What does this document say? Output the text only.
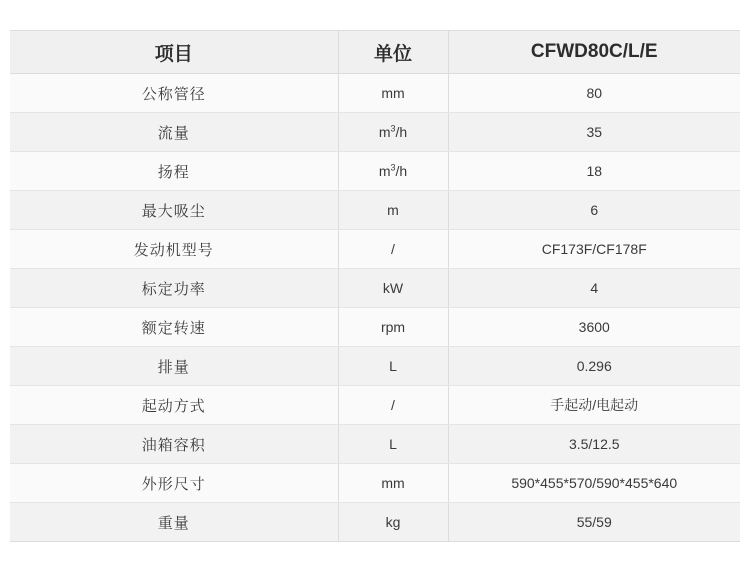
项目	单位	CFWD80C/L/E
公称管径	mm	80
流量	$m^3/h$	35
扬程	$m^3/h$	18
最大吸尘	m	6
发动机型号	/	CF173F/CF178F
标定功率	kW	4
额定转速	rpm	3600
排量	L	0.296
起动方式	/	手起动/电起动
油箱容积	L	3.5/12.5
外形尺寸	mm	590*455*570/590*455*640
重量	kg	55/59
